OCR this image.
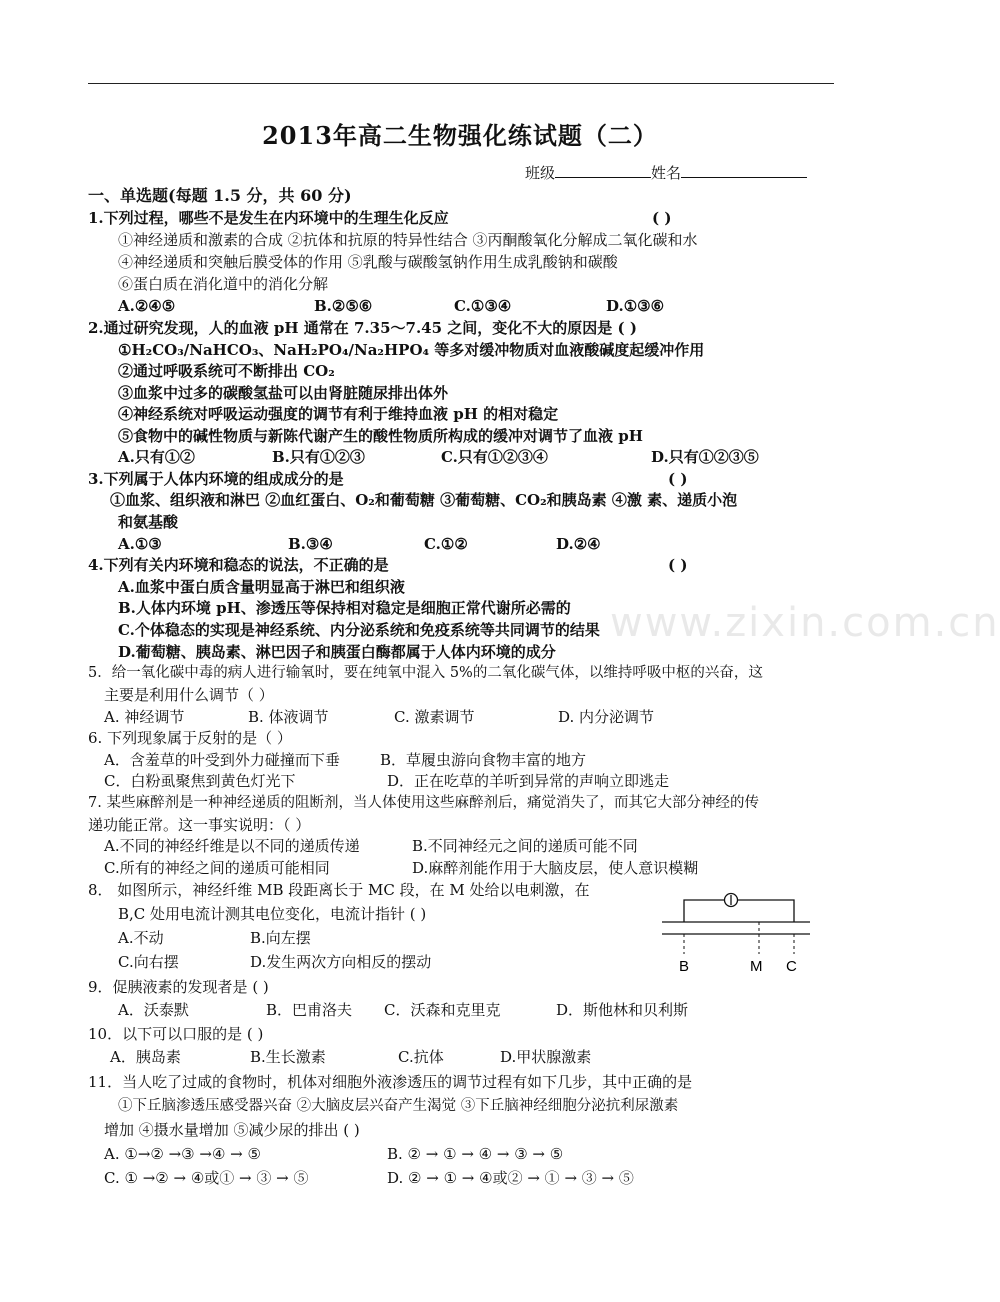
www.zixin.com.cn
2013年高二生物强化练试题（二）
班级	姓名
一、单选题(每题 1.5 分，共 60 分)
1.下列过程，哪些不是发生在内环境中的生理生化反应	( )
①神经递质和激素的合成 ②抗体和抗原的特异性结合 ③丙酮酸氧化分解成二氧化碳和水
④神经递质和突触后膜受体的作用 ⑤乳酸与碳酸氢钠作用生成乳酸钠和碳酸
⑥蛋白质在消化道中的消化分解
A.②④⑤	B.②⑤⑥	C.①③④	D.①③⑥
2.通过研究发现，人的血液 pH 通常在 7.35～7.45 之间，变化不大的原因是 ( )
①H₂CO₃/NaHCO₃、NaH₂PO₄/Na₂HPO₄ 等多对缓冲物质对血液酸碱度起缓冲作用
②通过呼吸系统可不断排出 CO₂
③血浆中过多的碳酸氢盐可以由肾脏随尿排出体外
④神经系统对呼吸运动强度的调节有利于维持血液 pH 的相对稳定
⑤食物中的碱性物质与新陈代谢产生的酸性物质所构成的缓冲对调节了血液 pH
A.只有①②	B.只有①②③	C.只有①②③④	D.只有①②③⑤
3.下列属于人体内环境的组成成分的是	( )
①血浆、组织液和淋巴 ②血红蛋白、O₂和葡萄糖 ③葡萄糖、CO₂和胰岛素 ④激 素、递质小泡
和氨基酸
A.①③	B.③④	C.①②	D.②④
4.下列有关内环境和稳态的说法，不正确的是	( )
A.血浆中蛋白质含量明显高于淋巴和组织液
B.人体内环境 pH、渗透压等保持相对稳定是细胞正常代谢所必需的
C.个体稳态的实现是神经系统、内分泌系统和免疫系统等共同调节的结果
D.葡萄糖、胰岛素、淋巴因子和胰蛋白酶都属于人体内环境的成分
5．给一氧化碳中毒的病人进行输氧时，要在纯氧中混入 5%的二氧化碳气体，以维持呼吸中枢的兴奋，这
主要是利用什么调节（ ）
A. 神经调节	B. 体液调节	C. 激素调节	D. 内分泌调节
6. 下列现象属于反射的是（ ）
A．含羞草的叶受到外力碰撞而下垂	B．草履虫游向食物丰富的地方
C．白粉虱聚焦到黄色灯光下	D．正在吃草的羊听到异常的声响立即逃走
7. 某些麻醉剂是一种神经递质的阻断剂，当人体使用这些麻醉剂后，痛觉消失了，而其它大部分神经的传
递功能正常。这一事实说明：（ ）
A.不同的神经纤维是以不同的递质传递	B.不同神经元之间的递质可能不同
C.所有的神经之间的递质可能相同	D.麻醉剂能作用于大脑皮层，使人意识模糊
8． 如图所示，神经纤维 MB 段距离长于 MC 段，在 M 处给以电刺激，在
B,C 处用电流计测其电位变化，电流计指针 ( )
A.不动	B.向左摆
C.向右摆	D.发生两次方向相反的摆动	B	M C
9．促胰液素的发现者是 ( )
A．沃泰默	B．巴甫洛夫 C．沃森和克里克	D．斯他林和贝利斯
10．以下可以口服的是 ( )
A．胰岛素	B.生长激素	C.抗体	D.甲状腺激素
11．当人吃了过咸的食物时，机体对细胞外液渗透压的调节过程有如下几步，其中正确的是
①下丘脑渗透压感受器兴奋 ②大脑皮层兴奋产生渴觉 ③下丘脑神经细胞分泌抗利尿激素
增加 ④摄水量增加 ⑤减少尿的排出 ( )
A. ①→② →③ →④ → ⑤	B. ② → ① → ④ → ③ → ⑤
C. ① →② → ④或① → ③ → ⑤	D. ② → ① → ④或② → ① → ③ → ⑤
